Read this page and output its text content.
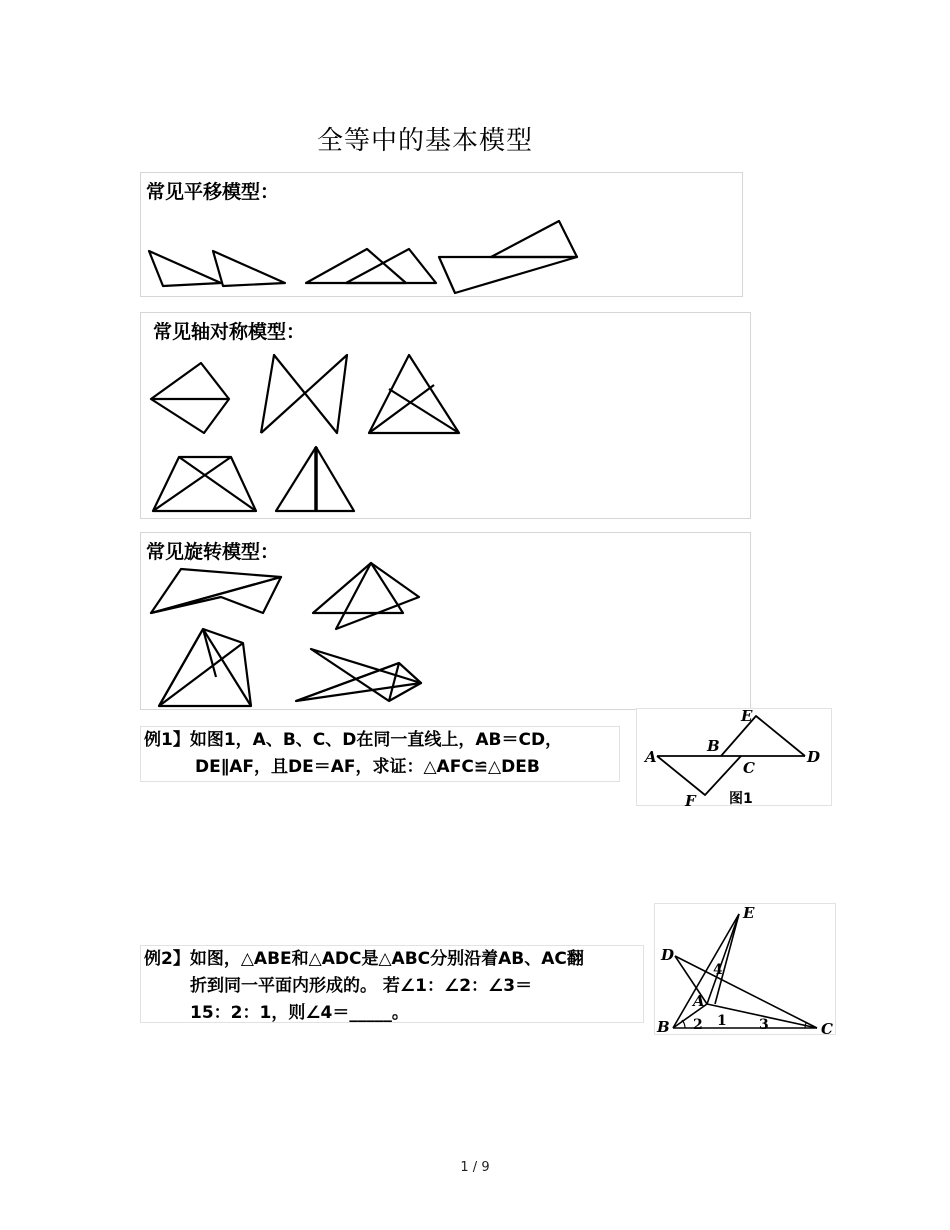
全等中的基本模型
常见平移模型：
常见轴对称模型：
常见旋转模型：
例1】如图1，A、B、C、D在同一直线上，AB＝CD，
DE∥AF，且DE＝AF，求证：△AFC≌△DEB	A
B
C
D
E
F 图1
例2】如图，△ABE和△ADC是△ABC分别沿着AB、AC翻
折到同一平面内形成的。 若∠1：∠2：∠3＝
15：2：1，则∠4＝_____。
E
D
A
B	C
4
1
2	3
1 / 9
